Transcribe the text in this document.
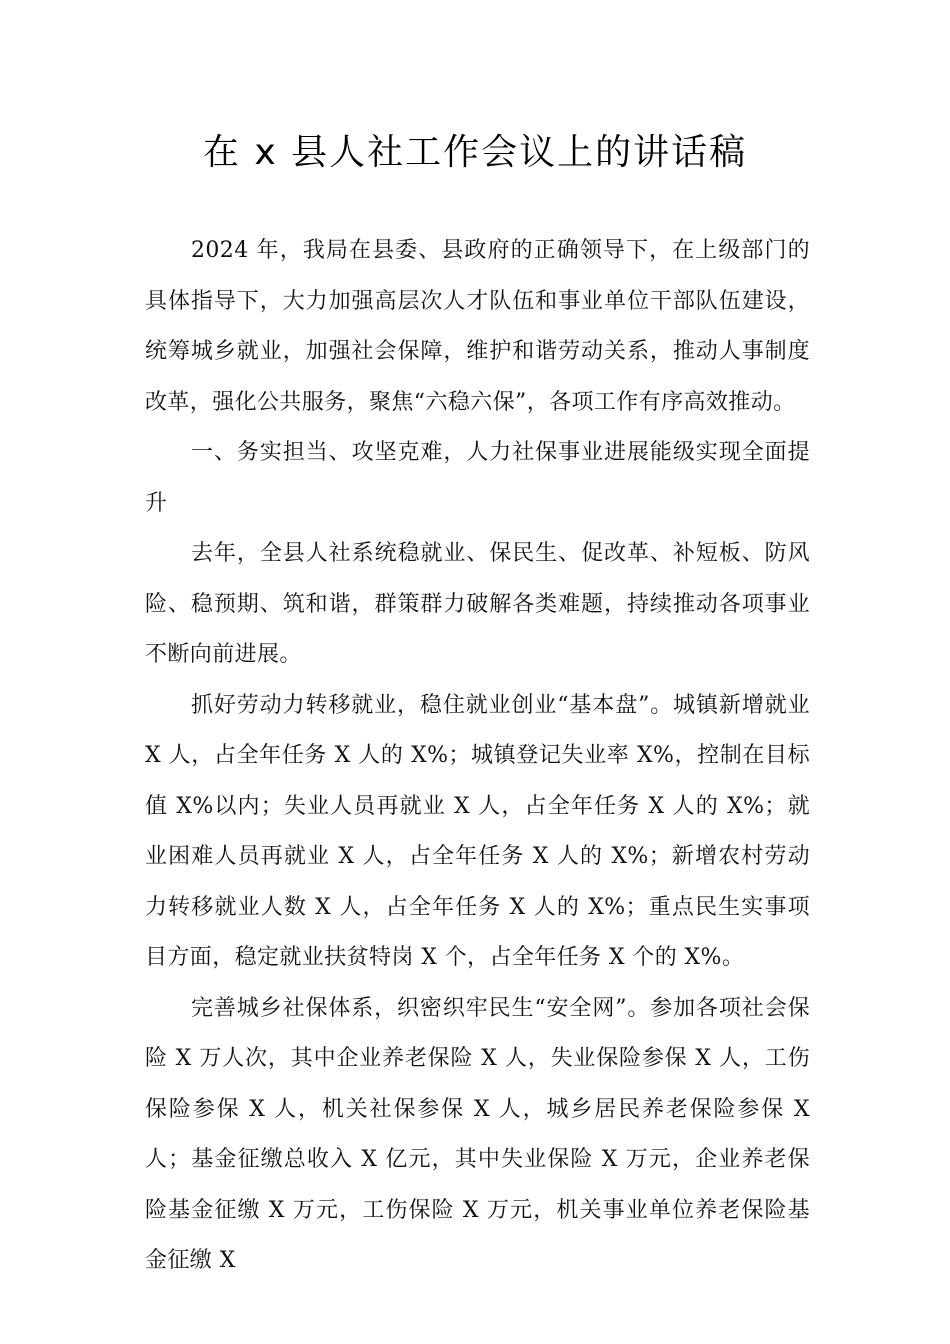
在 x 县人社工作会议上的讲话稿

2024 年，我局在县委、县政府的正确领导下，在上级部门的具体指导下，大力加强高层次人才队伍和事业单位干部队伍建设，统筹城乡就业，加强社会保障，维护和谐劳动关系，推动人事制度改革，强化公共服务，聚焦“六稳六保”，各项工作有序高效推动。

一、务实担当、攻坚克难，人力社保事业进展能级实现全面提升

去年，全县人社系统稳就业、保民生、促改革、补短板、防风险、稳预期、筑和谐，群策群力破解各类难题，持续推动各项事业不断向前进展。

抓好劳动力转移就业，稳住就业创业“基本盘”。城镇新增就业 X 人，占全年任务 X 人的 X%；城镇登记失业率 X%，控制在目标值 X%以内；失业人员再就业 X 人，占全年任务 X 人的 X%；就业困难人员再就业 X 人，占全年任务 X 人的 X%；新增农村劳动力转移就业人数 X 人，占全年任务 X 人的 X%；重点民生实事项目方面，稳定就业扶贫特岗 X 个，占全年任务 X 个的 X%。

完善城乡社保体系，织密织牢民生“安全网”。参加各项社会保险 X 万人次，其中企业养老保险 X 人，失业保险参保 X 人，工伤保险参保 X 人，机关社保参保 X 人，城乡居民养老保险参保 X 人；基金征缴总收入 X 亿元，其中失业保险 X 万元，企业养老保险基金征缴 X 万元，工伤保险 X 万元，机关事业单位养老保险基金征缴 X
